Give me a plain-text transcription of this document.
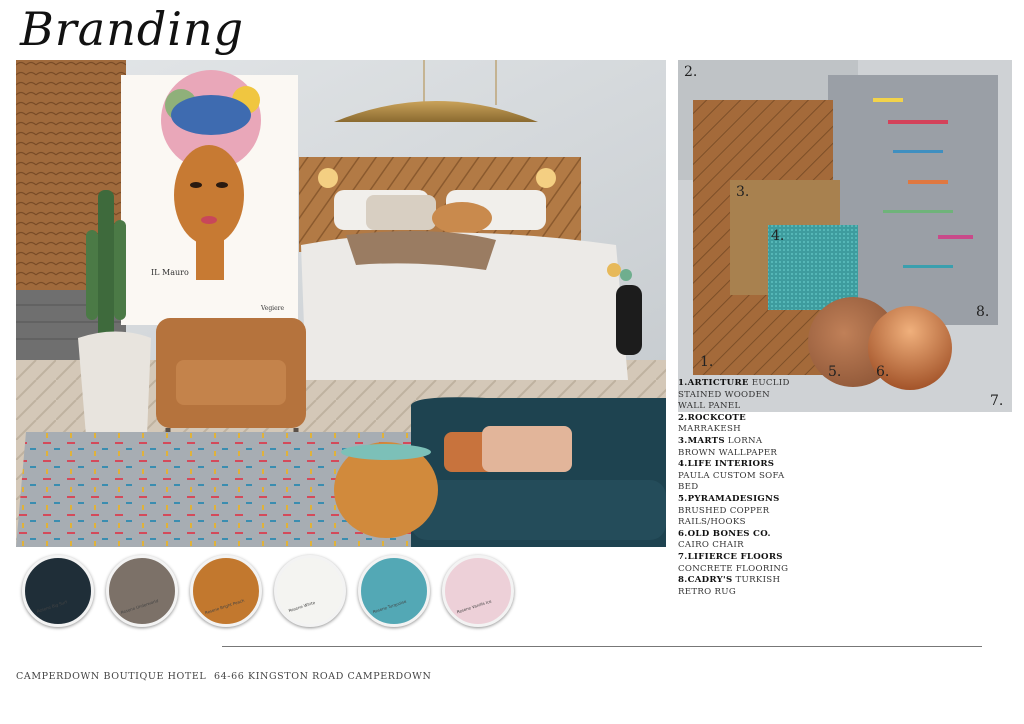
Branding
IL Mauro
Vegiere
2.
3.
4.
1.
5. 6.
7.
8.
1.ARTICTURE EUCLID
STAINED WOODEN
WALL PANEL
2.ROCKCOTE
MARRAKESH
3.MARTS LORNA
BROWN WALLPAPER
4.LIFE INTERIORS
PAULA CUSTOM SOFA
BED
5.PYRAMADESIGNS
BRUSHED COPPER
RAILS/HOOKS
6.OLD BONES CO.
CAIRO CHAIR
7.LIFIERCE FLOORS
CONCRETE FLOORING
8.CADRY'S TURKISH
RETRO RUG
Resene Big Surf	Resene Underworld	Resene Bright Peach	Resene White	Resene Turquoise	Resene Vanilla Ice
CAMPERDOWN BOUTIQUE HOTEL 64-66 KINGSTON ROAD CAMPERDOWN
